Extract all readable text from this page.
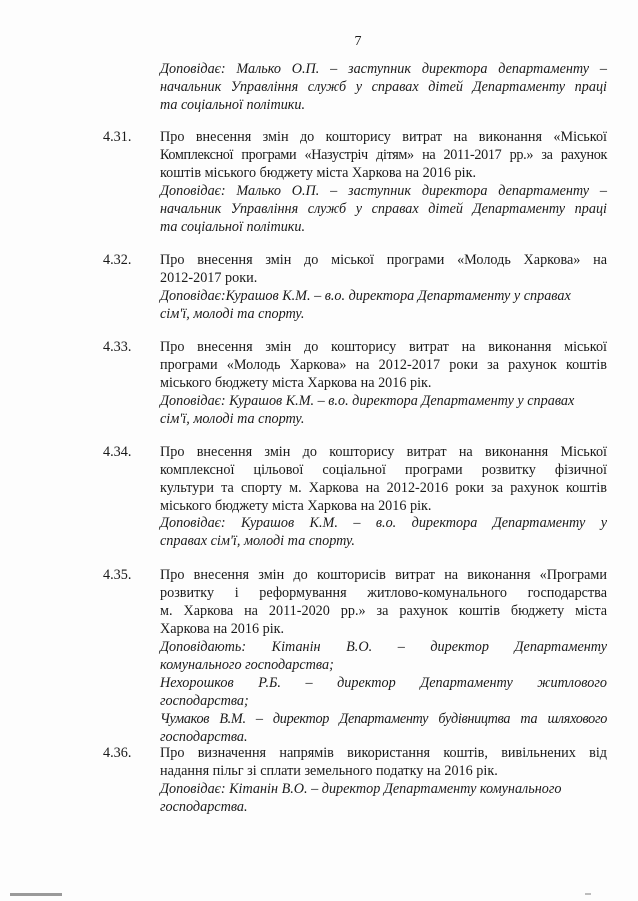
7
Доповідає: Малько О.П. – заступник директора департаменту –
начальник Управління служб у справах дітей Департаменту праці
та соціальної політики.
4.31. Про внесення змін до кошторису витрат на виконання «Міської
Комплексної програми «Назустріч дітям» на 2011-2017 рр.» за рахунок
коштів міського бюджету міста Харкова на 2016 рік.
Доповідає: Малько О.П. – заступник директора департаменту –
начальник Управління служб у справах дітей Департаменту праці
та соціальної політики.
4.32. Про внесення змін до міської програми «Молодь Харкова» на
2012-2017 роки.
Доповідає:Курашов К.М. – в.о. директора Департаменту у справах
сім'ї, молоді та спорту.
4.33. Про внесення змін до кошторису витрат на виконання міської
програми «Молодь Харкова» на 2012-2017 роки за рахунок коштів
міського бюджету міста Харкова на 2016 рік.
Доповідає: Курашов К.М. – в.о. директора Департаменту у справах
сім'ї, молоді та спорту.
4.34. Про внесення змін до кошторису витрат на виконання Міської
комплексної цільової соціальної програми розвитку фізичної
культури та спорту м. Харкова на 2012-2016 роки за рахунок коштів
міського бюджету міста Харкова на 2016 рік.
Доповідає: Курашов К.М. – в.о. директора Департаменту у
справах сім'ї, молоді та спорту.
4.35. Про внесення змін до кошторисів витрат на виконання «Програми
розвитку і реформування житлово-комунального господарства
м. Харкова на 2011-2020 рр.» за рахунок коштів бюджету міста
Харкова на 2016 рік.
Доповідають: Кітанін В.О. – директор Департаменту
комунального господарства;
Нехорошков Р.Б. – директор Департаменту житлового
господарства;
Чумаков В.М. – директор Департаменту будівництва та шляхового
господарства.
4.36. Про визначення напрямів використання коштів, вивільнених від
надання пільг зі сплати земельного податку на 2016 рік.
Доповідає: Кітанін В.О. – директор Департаменту комунального
господарства.
